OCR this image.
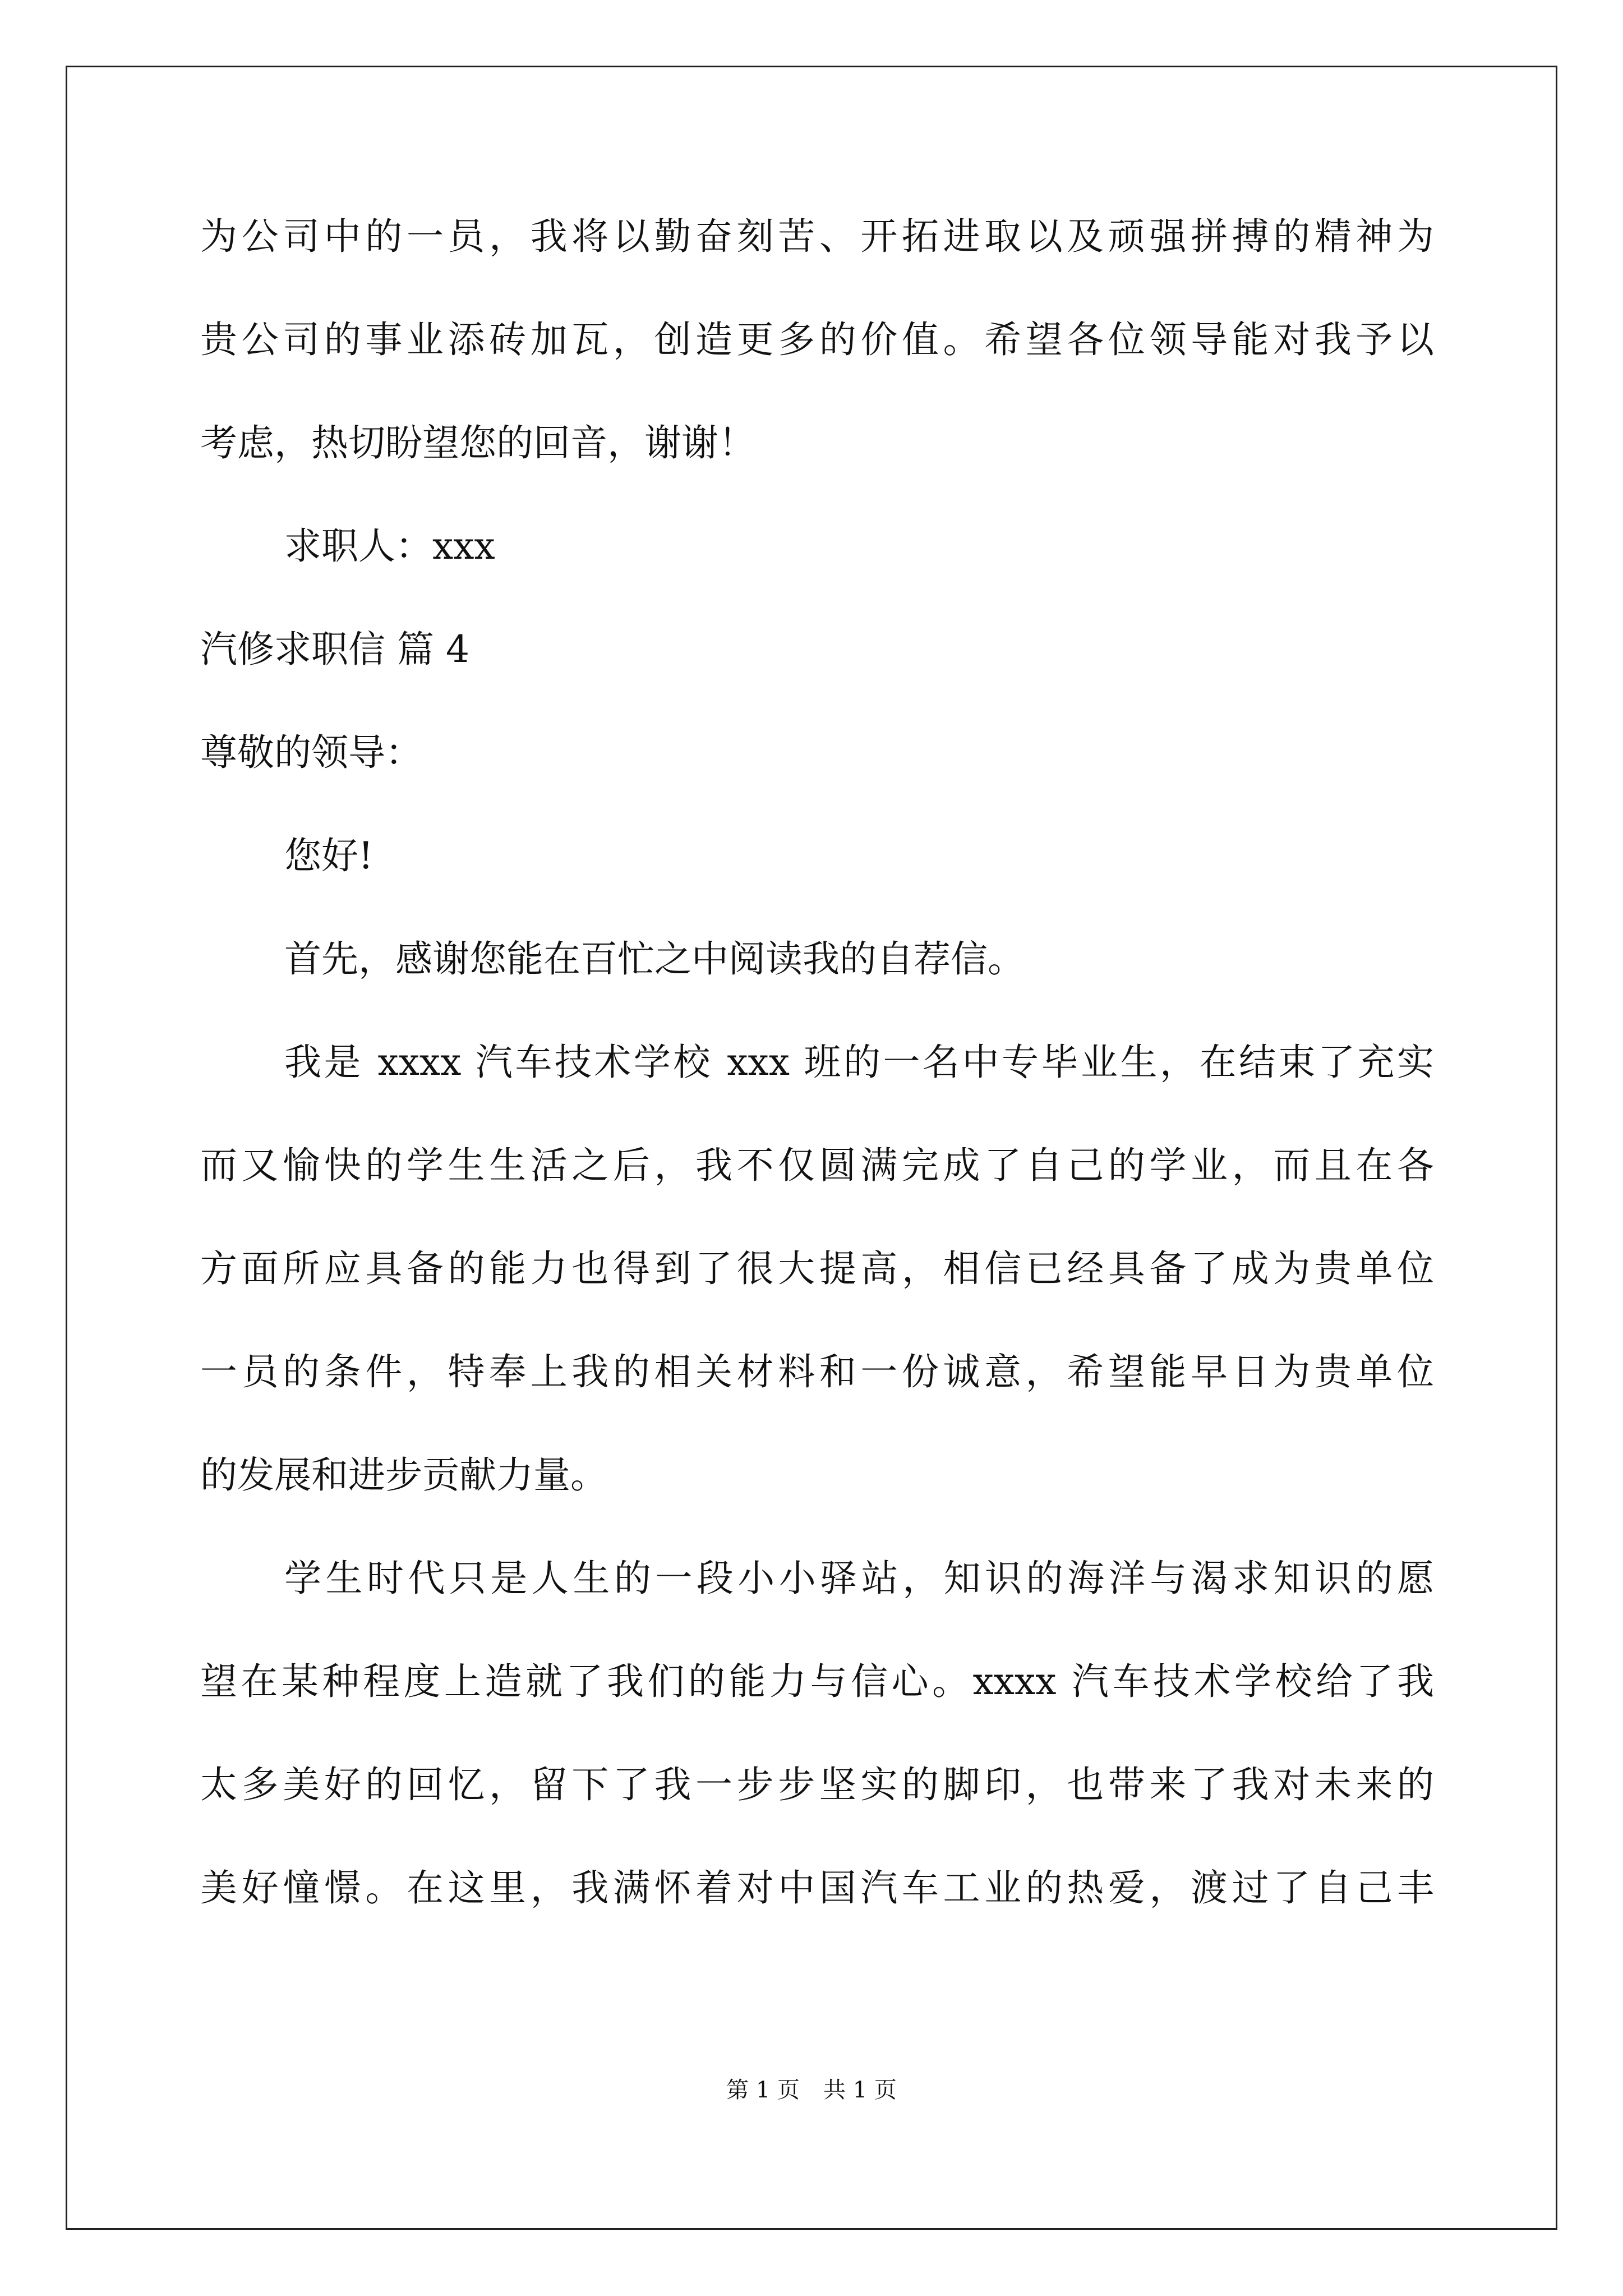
为公司中的一员，我将以勤奋刻苦、开拓进取以及顽强拼搏的精神为
贵公司的事业添砖加瓦，创造更多的价值。希望各位领导能对我予以
考虑，热切盼望您的回音，谢谢！
求职人：xxx
汽修求职信 篇 4
尊敬的领导：
您好!
首先，感谢您能在百忙之中阅读我的自荐信。
我是 xxxx 汽车技术学校 xxx 班的一名中专毕业生，在结束了充实
而又愉快的学生生活之后，我不仅圆满完成了自己的学业，而且在各
方面所应具备的能力也得到了很大提高，相信已经具备了成为贵单位
一员的条件，特奉上我的相关材料和一份诚意，希望能早日为贵单位
的发展和进步贡献力量。
学生时代只是人生的一段小小驿站，知识的海洋与渴求知识的愿
望在某种程度上造就了我们的能力与信心。xxxx 汽车技术学校给了我
太多美好的回忆，留下了我一步步坚实的脚印，也带来了我对未来的
美好憧憬。在这里，我满怀着对中国汽车工业的热爱，渡过了自己丰
第 1 页 共 1 页
